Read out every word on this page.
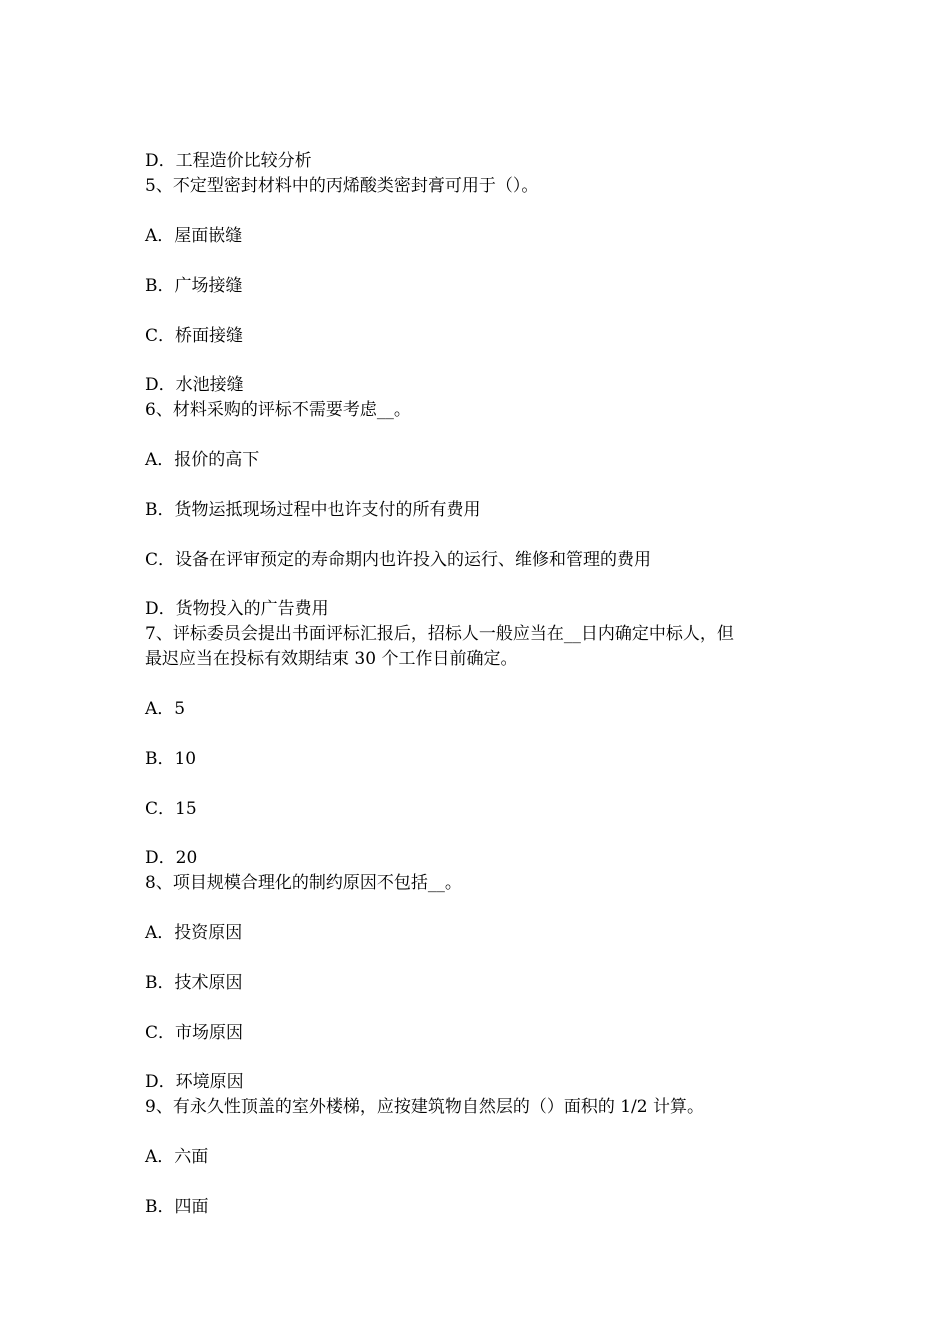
D．工程造价比较分析
5、不定型密封材料中的丙烯酸类密封膏可用于（）。
A．屋面嵌缝
B．广场接缝
C．桥面接缝
D．水池接缝
6、材料采购的评标不需要考虑__。
A．报价的高下
B．货物运抵现场过程中也许支付的所有费用
C．设备在评审预定的寿命期内也许投入的运行、维修和管理的费用
D．货物投入的广告费用
7、评标委员会提出书面评标汇报后，招标人一般应当在__日内确定中标人，但
最迟应当在投标有效期结束 30 个工作日前确定。
A．5
B．10
C．15
D．20
8、项目规模合理化的制约原因不包括__。
A．投资原因
B．技术原因
C．市场原因
D．环境原因
9、有永久性顶盖的室外楼梯，应按建筑物自然层的（）面积的 1/2 计算。
A．六面
B．四面
